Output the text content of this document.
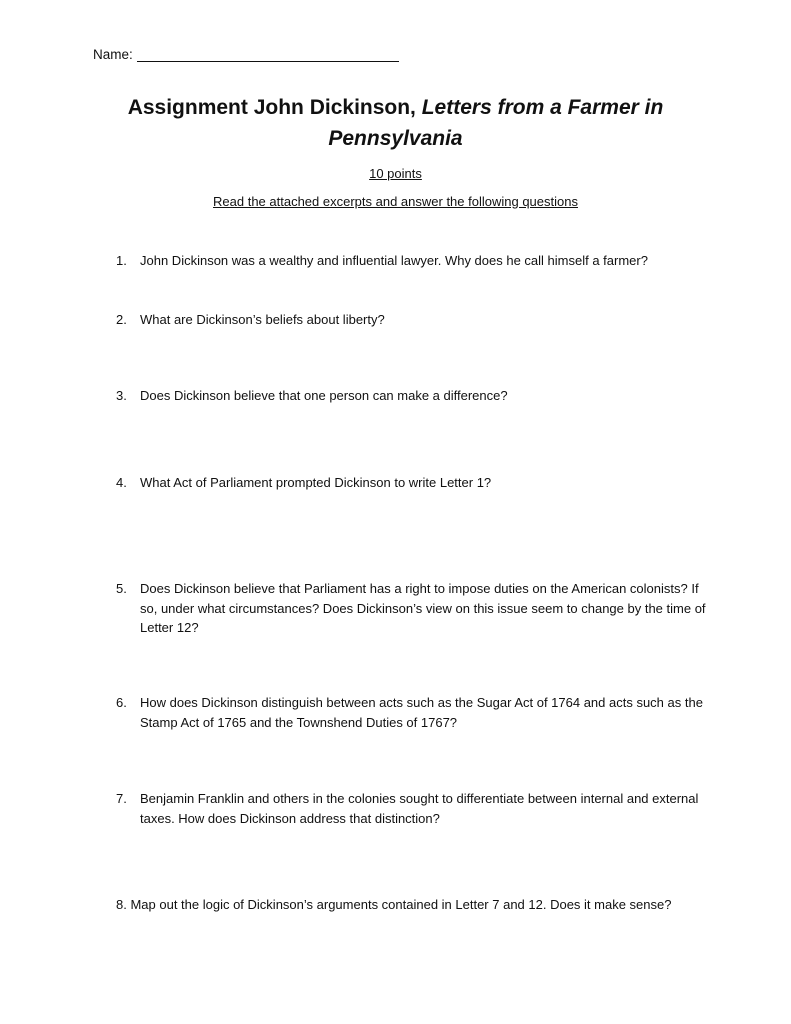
Name:
Assignment John Dickinson, Letters from a Farmer in
Pennsylvania
10 points
Read the attached excerpts and answer the following questions
1.	John Dickinson was a wealthy and influential lawyer. Why does he call himself a farmer?
2.	What are Dickinson’s beliefs about liberty?
3.	Does Dickinson believe that one person can make a difference?
4.	What Act of Parliament prompted Dickinson to write Letter 1?
5.	Does Dickinson believe that Parliament has a right to impose duties on the American colonists? If so, under what circumstances? Does Dickinson’s view on this issue seem to change by the time of Letter 12?
6.	How does Dickinson distinguish between acts such as the Sugar Act of 1764 and acts such as the Stamp Act of 1765 and the Townshend Duties of 1767?
7.	Benjamin Franklin and others in the colonies sought to differentiate between internal and external taxes. How does Dickinson address that distinction?
8. Map out the logic of Dickinson’s arguments contained in Letter 7 and 12. Does it make sense?
